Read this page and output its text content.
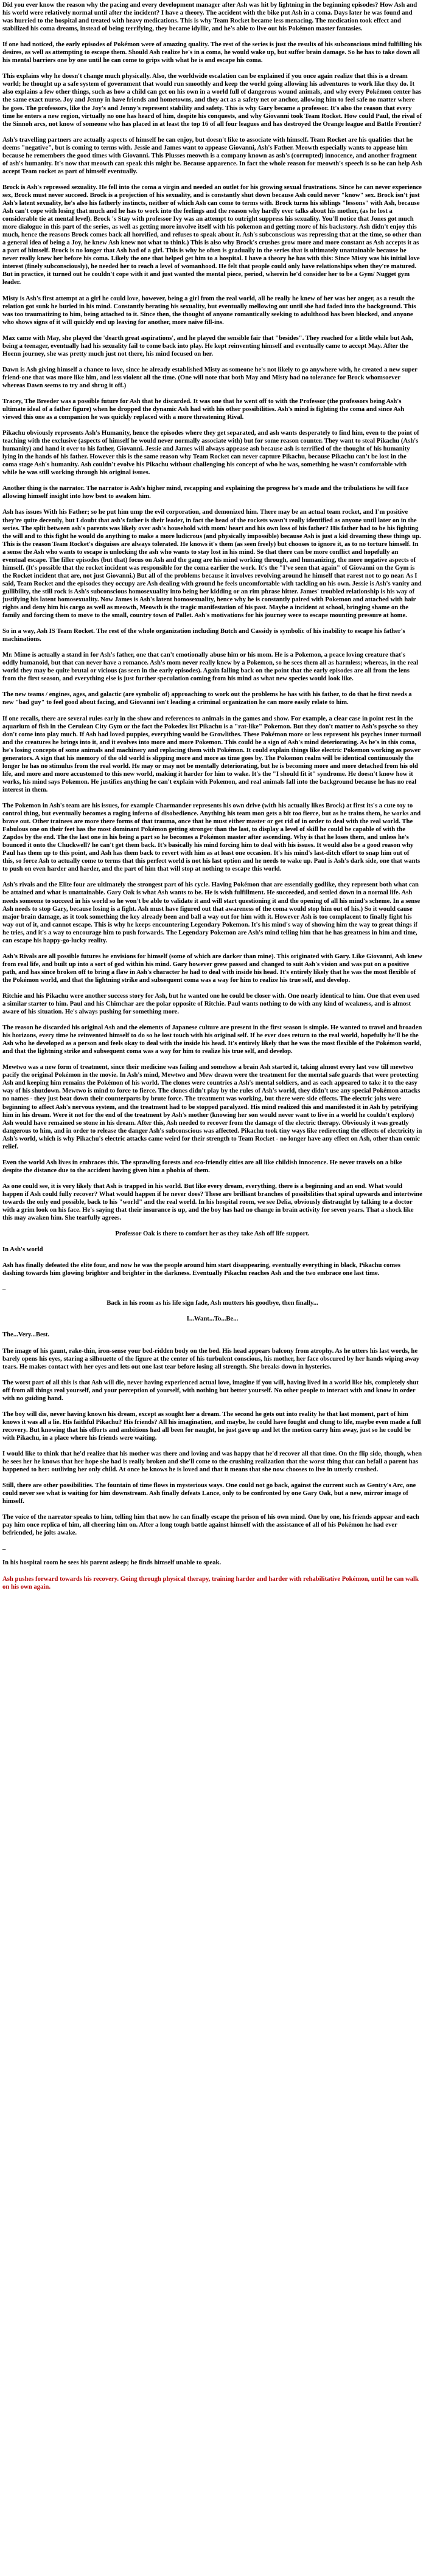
Did you ever know the reason why the pacing and every development manager after Ash was hit by lightning in the beginning episodes? How Ash and his world were relatively normal until after the incident? I have a theory. The accident with the bike put Ash in a coma. Days later he was found and was hurried to the hospital and treated with heavy medications. This is why Team Rocket became less menacing. The medication took effect and stabilized his coma dreams, instead of being terrifying, they became idyllic, and he's able to live out his Pokémon master fantasies.

If one had noticed, the early episodes of Pokémon were of amazing quality. The rest of the series is just the results of his subconscious mind fulfilling his desires, as well as attempting to escape them. Should Ash realize he's in a coma, he would wake up, but suffer brain damage. So he has to take down all his mental barriers one by one until he can come to grips with what he is and escape his coma.

This explains why he doesn't change much physically. Also, the worldwide escalation can be explained if you once again realize that this is a dream world; he thought up a safe system of government that would run smoothly and keep the world going allowing his adventures to work like they do. It also explains a few other things, such as how a child can get on his own in a world full of dangerous wound animals, and why every Pokémon center has the same exact nurse. Joy and Jenny in have friends and hometowns, and they act as a safety net or anchor, allowing him to feel safe no matter where he goes. The professors, like the Joy's and Jenny's represent stability and safety. This is why Gary became a professor. It's also the reason that every time he enters a new region, virtually no one has heard of him, despite his conquests, and why Giovanni took Team Rocket. How could Paul, the rival of the Sinnoh arcs, not know of someone who has placed in at least the top 16 of all four leagues and has destroyed the Orange league and Battle Frontier?

Ash's travelling partners are actually aspects of himself he can enjoy, but doesn't like to associate with himself. Team Rocket are his qualities that he deems "negative", but is coming to terms with. Jessie and James want to appease Giovanni, Ash's Father. Meowth especially wants to appease him because he remembers the good times with Giovanni. This Plusses meowth is a company known as ash's (corrupted) innocence, and another fragment of ash's humanity. It's now that meowth can speak this might be. Because apparence. In fact the whole reason for meowth's speech is so he can help Ash accept Team rocket as part of himself eventually.

Brock is Ash's repressed sexuality. He fell into the coma a virgin and needed an outlet for his growing sexual frustrations. Since he can never experience sex, Brock must never succeed. Brock is a projection of his sexuality, and is constantly shut down because Ash could never "know" sex. Brock isn't just Ash's latent sexuality, he's also his fatherly instincts, neither of which Ash can come to terms with. Brock turns his siblings "lessons" with Ash, because Ash can't cope with losing that much and he has to work into the feelings and the reason why hardly ever talks about his mother, (as he lost a considerable tie at mental level). Brock 's Stay with professor Ivy was an attempt to outright suppress his sexuality. You'll notice that Jones got much more dialogue in this part of the series, as well as getting more involve itself with his pokemon and getting more of his backstory. Ash didn't enjoy this much, hence the reasons Brock comes back all horrified, and refuses to speak about it. Ash's subconscious was repressing that at the time, so other than a general idea of being a Joy, he knew Ash knew not what to think.) This is also why Brock's crushes grow more and more constant as Ash accepts it as a part of himself. Brock is no longer that Ash had of a girl. This is why he often is gradually in the series that is ultimately unattainable because he never really knew her before his coma. Likely the one that helped get him to a hospital. I have a theory he has with this: Since Misty was his initial love interest (finely subconsciously), he needed her to reach a level of womanhood. He felt that people could only have relationships when they're matured. But in practice, it turned out he couldn't cope with it and just wanted the mental piece, period, wherein he'd consider her to be a Gym/ Nugget gym leader.

Misty is Ash's first attempt at a girl he could love, however, being a girl from the real world, all he really he knew of her was her anger, as a result the relation got sunk he buried in his mind. Constantly berating his sexuality, but eventually mellowing out until she had faded into the background. This was too traumatizing to him, being attached to it. Since then, the thought of anyone romantically seeking to adulthood has been blocked, and anyone who shows signs of it will quickly end up leaving for another, more naive fill-ins.

Max came with May, she played the 'dearth great aspirations', and he played the sensible fair that "besides". They reached for a little while but Ash, being a teenager, eventually had his sexuality fail to come back into play. He kept reinventing himself and eventually came to accept May. After the Hoenn journey, she was pretty much just not there, his mind focused on her.

Dawn is Ash giving himself a chance to love, since he already established Misty as someone he's not likely to go anywhere with, he created a new super friend-one that was more like him, and less violent all the time. (One will note that both May and Misty had no tolerance for Brock whomsoever whereas Dawn seems to try and shrug it off.)

Tracey, The Breeder was a possible future for Ash that he discarded. It was one that he went off to with the Professor (the professors being Ash's ultimate ideal of a father figure) when he dropped the dynamic Ash had with his other possibilities. Ash's mind is fighting the coma and since Ash viewed this one as a companion he was quickly replaced with a more threatening Rival.

Pikachu obviously represents Ash's Humanity, hence the episodes where they get separated, and ash wants desperately to find him, even to the point of teaching with the exclusive (aspects of himself he would never normally associate with) but for some reason counter. They want to steal Pikachu (Ash's humanity) and hand it over to his father, Giovanni. Jessie and James will always appease ash because ash is terrified of the thought of his humanity lying in the hands of his father. However this is the same reason why Team Rocket can never capture Pikachu, because Pikachu can't be lost in the coma stage Ash's humanity. Ash couldn't evolve his Pikachu without challenging his concept of who he was, something he wasn't comfortable with while he was still working through his original issues.

Another thing is the narrator. The narrator is Ash's higher mind, recapping and explaining the progress he's made and the tribulations he will face allowing himself insight into how best to awaken him.

Ash has issues With his Father; so he put him ump the evil corporation, and demonized him. There may be an actual team rocket, and I'm positive they're quite decently, but I doubt that ash's father is their leader, in fact the head of the rockets wasn't really identified as anyone until later on in the series. The split between ash's parents was likely over ash's household with mom/ heart and his own loss of his father? His father had to be his fighting the will and to this fight he would do anything to make a more ludicrous (and physically impossible) because Ash is just a kid dreaming these things up. This is the reason Team Rocket's disguises are always tolerated. He knows it's them (as seen freely) but chooses to ignore it, as to no torture himself. In a sense the Ash who wants to escape is unlocking the ash who wants to stay lost in his mind. So that there can be more conflict and hopefully an eventual escape. The filler episodes (but that) focus on Ash and the gang are his mind working through, and humanizing, the more negative aspects of himself. (It's possible that the rocket incident was responsible for the coma earlier the work. It's the "I've seen that again" of Giovanni on the Gym is the Rocket incident that are, not just Giovanni.) But all of the problems because it involves revolving around he himself that rarest not to go near. As I said, Team Rocket and the episodes they occupy are Ash dealing with ground he feels uncomfortable with tackling on his own. Jessie is Ash's vanity and gullibility, the still rock is Ash's subconscious homosexuality into being her kidding or an rim phrase hitter. James' troubled relationship is his way of justifying his latent homosexuality. Now James is Ash's latent homosexuality, hence why he is constantly paired with Pokemon and attached with hair rights and deny him his cargo as well as meowth, Meowth is the tragic manifestation of his past. Maybe a incident at school, bringing shame on the family and forcing them to move to the small, country town of Pallet. Ash's motivations for his journey were to escape mounting pressure at home.

So in a way, Ash IS Team Rocket. The rest of the whole organization including Butch and Cassidy is symbolic of his inability to escape his father's machinations.

Mr. Mime is actually a stand in for Ash's father, one that can't emotionally abuse him or his mom. He is a Pokemon, a peace loving creature that's oddly humanoid, but that can never have a romance. Ash's mom never really knew by a Pokemon, so he sees them all as harmless; whereas, in the real world they may be quite brutal or vicious (as seen in the early episodes). Again falling back on the point that the early episodes are all from the lens from the first season, and everything else is just further speculation coming from his mind as what new species would look like.

The new teams / engines, ages, and galactic (are symbolic of) approaching to work out the problems he has with his father, to do that he first needs a new "bad guy" to feel good about facing, and Giovanni isn't leading a criminal organization he can more easily relate to him.

If one recalls, there are several rules early in the show and references to animals in the games and show. For example, a clear case in point rest in the aquarium of fish in the Cerulean City Gym or the fact the Pokedex list Pikachu is a "rat-like" Pokemon. But they don't matter to Ash's psyche so they don't come into play much. If Ash had loved puppies, everything would be Growlithes. These Pokémon more or less represent his psyches inner turmoil and the creatures he brings into it, and it evolves into more and more Pokemon. This could be a sign of Ash's mind deteriorating. As he's in this coma, he's losing concepts of some animals and machinery and replacing them with Pokémon. It could explain things like electric Pokemon working as power generators. A sign that his memory of the old world is slipping more and more as time goes by. The Pokemon realm will be identical continuously the longer he has no stimulus from the real world. He may or may not be mentally deteriorating, but he is becoming more and more detached from his old life, and more and more accustomed to this new world, making it harder for him to wake. It's the "I should fit it" syndrome. He doesn't know how it works, his mind says Pokemon. He justifies anything he can't explain with Pokemon, and real animals fall into the background because he has no real interest in them.

The Pokemon in Ash's team are his issues, for example Charmander represents his own drive (with his actually likes Brock) at first its's a cute toy to control thing, but eventually becomes a raging inferno of disobedience. Anything his team mon gets a bit too fierce, but as he trains them, he works and brave out. Other trainees are more there forms of that trauma, once that he must either master or get rid of in order to deal with the real world. The Fabulous one on their feet has the most dominant Pokémon getting stronger than the last, to display a level of skill he could be capable of with the Zapdos by the end. The the last one in his being a part so he becomes a Pokémon master after ascending. Why is that he loses them, and unless he's bounced it onto the Chuckwell? he can't get them back. It's basically his mind forcing him to deal with his issues. It would also be a good reason why Paul has them up to this point, and Ash has them back to revert with him as at least one occasion. It's his mind's last-ditch effort to snap him out of this, so force Ash to actually come to terms that this perfect world is not his last option and he needs to wake up. Paul is Ash's dark side, one that wants to push on even harder and harder, and the part of him that will stop at nothing to escape this world.

Ash's rivals and the Elite four are ultimately the strongest part of his cycle. Having Pokémon that are essentially godlike, they represent both what can be attained and what is unattainable. Gary Oak is what Ash wants to be. He is wish fulfillment. He succeeded, and settled down in a normal life. Ash needs someone to succeed in his world so he won't be able to validate it and will start questioning it and the opening of all his mind's scheme. In a sense Ash needs to stop Gary, because losing is a fight. Ash must have figured out that awareness of the coma would stop him out of his.) So it would cause major brain damage, as it took something the key already been and ball a way out for him with it. However Ash is too complacent to finally fight his way out of it, and cannot escape. This is why he keeps encountering Legendary Pokemon. It's his mind's way of showing him the way to great things if he tries, and it's a way to encourage him to push forwards. The Legendary Pokemon are Ash's mind telling him that he has greatness in him and time, can escape his happy-go-lucky reality.

Ash's Rivals are all possible futures he envisions for himself (some of which are darker than mine). This originated with Gary. Like Giovanni, Ash knew from real life, and built up into a sort of god within his mind. Gary however grew passed and changed to suit Ash's vision and was put on a positive path, and has since broken off to bring a flaw in Ash's character he had to deal with inside his head. It's entirely likely that he was the most flexible of the Pokémon world, and that the lightning strike and subsequent coma was a way for him to realize his true self, and develop.

Ritchie and his Pikachu were another success story for Ash, but he wanted one he could be closer with. One nearly identical to him. One that even used a similar starter to him. Paul and his Chimchar are the polar opposite of Ritchie. Paul wants nothing to do with any kind of weakness, and is almost aware of his situation. He's always pushing for something more.

The reason he discarded his original Ash and the elements of Japanese culture are present in the first season is simple. He wanted to travel and broaden his horizons, every time he reinvented himself to do so he lost touch with his original self. If he ever does return to the real world, hopefully he'll be the Ash who he developed as a person and feels okay to deal with the inside his head. It's entirely likely that he was the most flexible of the Pokémon world, and that the lightning strike and subsequent coma was a way for him to realize his true self, and develop.

Mewtwo was a new form of treatment, since their medicine was failing and somehow a brain Ash started it, taking almost every last vow till mewtwo pacify the original Pokémon in the movie. In Ash's mind, Mewtwo and Mew drawn were the treatment for the mental safe guards that were protecting Ash and keeping him remains the Pokémon of his world. The clones were countries a Ash's mental soldiers, and as each appeared to take it to the easy way of his shutdown. Mewtwo is mind to force to fierce. The clones didn't play by the rules of Ash's world, they didn't use any special Pokémon attacks no names - they just beat down their counterparts by brute force. The treatment was working, but there were side effects. The electric jolts were beginning to affect Ash's nervous system, and the treatment had to be stopped paralyzed. His mind realized this and manifested it in Ash by petrifying him in his dream. Were it not for the end of the treatment by Ash's mother (knowing her son would never want to live in a world he couldn't explore) Ash would have remained so stone in his dream. After this, Ash needed to recover from the damage of the electric therapy. Obviously it was greatly dangerous to him, and in order to release the danger Ash's subconscious was affected. Pikachu took tiny ways like redirecting the effects of electricity in Ash's world, which is why Pikachu's electric attacks came weird for their strength to Team Rocket - no longer have any effect on Ash, other than comic relief.

Even the world Ash lives in embraces this. The sprawling forests and eco-friendly cities are all like childish innocence. He never travels on a bike despite the distance due to the accident having given him a phobia of them.

As one could see, it is very likely that Ash is trapped in his world. But like every dream, everything, there is a beginning and an end. What would happen if Ash could fully recover? What would happen if he never does? These are brilliant branches of possibilities that spiral upwards and intertwine towards the only end possible, back to his "world" and the real world. In his hospital room, we see Delia, obviously distraught by talking to a doctor with a grim look on his face. He's saying that their insurance is up, and the boy has had no change in brain activity for seven years. That a shock like this may awaken him. She tearfully agrees.

Professor Oak is there to comfort her as they take Ash off life support.

In Ash's world

Ash has finally defeated the elite four, and now he was the people around him start disappearing, eventually everything in black, Pikachu comes dashing towards him glowing brighter and brighter in the darkness. Eventually Pikachu reaches Ash and the two embrace one last time.

_

Back in his room as his life sign fade, Ash mutters his goodbye, then finally...

I...Want...To...Be...

The...Very...Best.

The image of his gaunt, rake-thin, iron-sense your bed-ridden body on the bed. His head appears balcony from atrophy. As he utters his last words, he barely opens his eyes, staring a silhouette of the figure at the center of his turbulent conscious, his mother, her face obscured by her hands wiping away tears. He makes contact with her eyes and lets out one last tear before losing all strength. She breaks down in hysterics.

The worst part of all this is that Ash will die, never having experienced actual love, imagine if you will, having lived in a world like his, completely shut off from all things real yourself, and your perception of yourself, with nothing but better yourself. No other people to interact with and know in order with no guiding hand.

The boy will die, never having known his dream, except as sought her a dream. The second he gets out into reality he that last moment, part of him knows it was all a lie. His faithful Pikachu? His friends? All his imagination, and maybe, he could have fought and clung to life, maybe even made a full recovery. But knowing that his efforts and ambitions had all been for naught, he just gave up and let the motion carry him away, just so he could be with Pikachu, in a place where his friends were waiting.

I would like to think that he'd realize that his mother was there and loving and was happy that he'd recover all that time. On the flip side, though, when he sees her he knows that her hope she had is really broken and she'll come to the crushing realization that the worst thing that can befall a parent has happened to her: outliving her only child. At once he knows he is loved and that it means that she now chooses to live in utterly crushed.

Still, there are other possibilities. The fountain of time flows in mysterious ways. One could not go back, against the current such as Gentry's Arc, one could never see what is waiting for him downstream. Ash finally defeats Lance, only to be confronted by one Gary Oak, but a new, mirror image of himself.

The voice of the narrator speaks to him, telling him that now he can finally escape the prison of his own mind. One by one, his friends appear and each pay him once replica of him, all cheering him on. After a long tough battle against himself with the assistance of all of his Pokémon he had ever befriended, he jolts awake.

_

In his hospital room he sees his parent asleep; he finds himself unable to speak.

Ash pushes forward towards his recovery. Going through physical therapy, training harder and harder with rehabilitative Pokémon, until he can walk on his own again.
